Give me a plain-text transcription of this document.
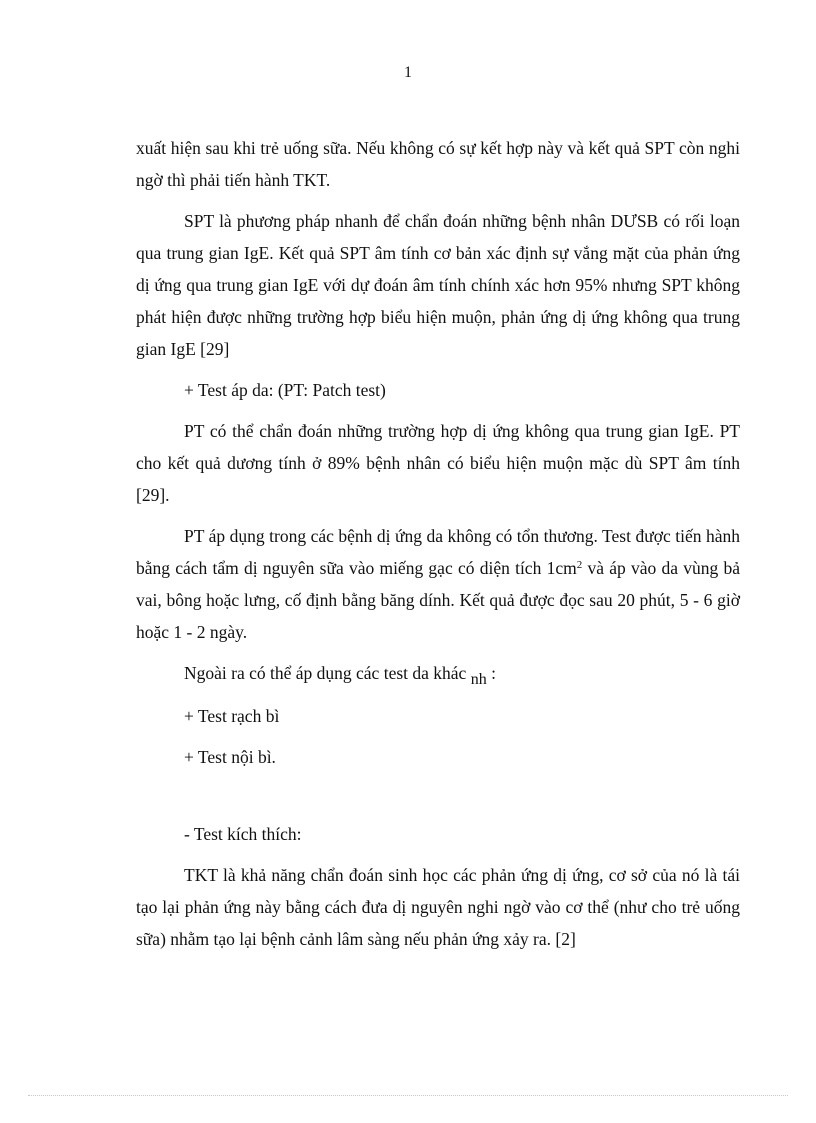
1

xuất hiện sau khi trẻ uống sữa. Nếu không có sự kết hợp này và kết quả SPT còn nghi ngờ thì phải tiến hành TKT.

SPT là phương pháp nhanh để chẩn đoán những bệnh nhân DƯSB có rối loạn qua trung gian IgE. Kết quả SPT âm tính cơ bản xác định sự vắng mặt của phản ứng dị ứng qua trung gian IgE với dự đoán âm tính chính xác hơn 95% nhưng SPT không phát hiện được những trường hợp biểu hiện muộn, phản ứng dị ứng không qua trung gian IgE [29]

+ Test áp da: (PT: Patch test)

PT có thể chẩn đoán những trường hợp dị ứng không qua trung gian IgE. PT cho kết quả dương tính ở 89% bệnh nhân có biểu hiện muộn mặc dù SPT âm tính [29].

PT áp dụng trong các bệnh dị ứng da không có tổn thương. Test được tiến hành bằng cách tẩm dị nguyên sữa vào miếng gạc có diện tích $1cm^2$ và áp vào da vùng bả vai, bông hoặc lưng, cố định bằng băng dính. Kết quả được đọc sau 20 phút, 5 - 6 giờ hoặc 1 - 2 ngày.

Ngoài ra có thể áp dụng các test da khác nh :

+ Test rạch bì

+ Test nội bì.

- Test kích thích:

TKT là khả năng chẩn đoán sinh học các phản ứng dị ứng, cơ sở của nó là tái tạo lại phản ứng này bằng cách đưa dị nguyên nghi ngờ vào cơ thể (như cho trẻ uống sữa) nhằm tạo lại bệnh cảnh lâm sàng nếu phản ứng xảy ra. [2]
